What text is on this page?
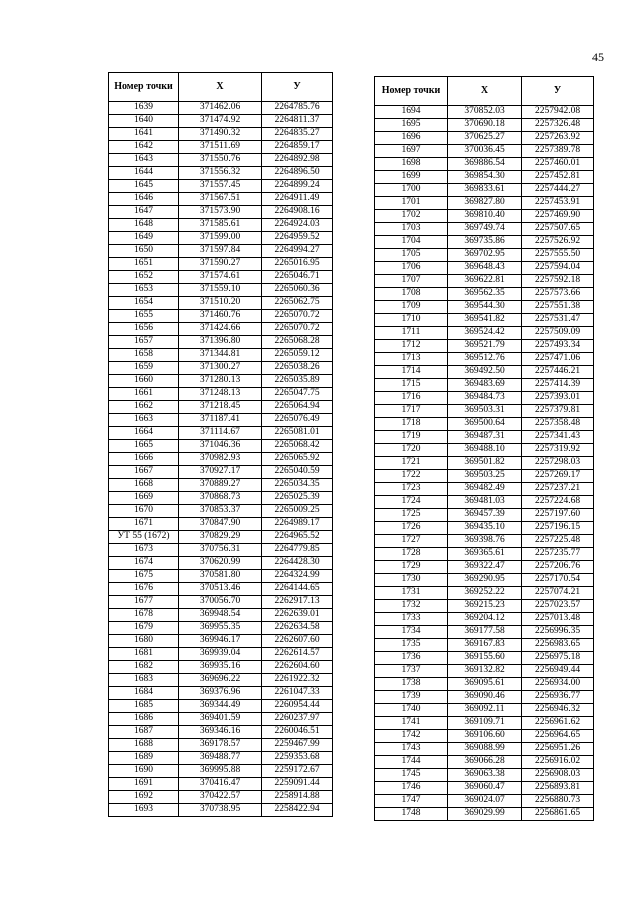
45
Номер точки	X	У
1639	371462.06	2264785.76
1640	371474.92	2264811.37
1641	371490.32	2264835.27
1642	371511.69	2264859.17
1643	371550.76	2264892.98
1644	371556.32	2264896.50
1645	371557.45	2264899.24
1646	371567.51	2264911.49
1647	371573.90	2264908.16
1648	371585.61	2264924.03
1649	371599.00	2264959.52
1650	371597.84	2264994.27
1651	371590.27	2265016.95
1652	371574.61	2265046.71
1653	371559.10	2265060.36
1654	371510.20	2265062.75
1655	371460.76	2265070.72
1656	371424.66	2265070.72
1657	371396.80	2265068.28
1658	371344.81	2265059.12
1659	371300.27	2265038.26
1660	371280.13	2265035.89
1661	371248.13	2265047.75
1662	371218.45	2265064.94
1663	371187.41	2265076.49
1664	371114.67	2265081.01
1665	371046.36	2265068.42
1666	370982.93	2265065.92
1667	370927.17	2265040.59
1668	370889.27	2265034.35
1669	370868.73	2265025.39
1670	370853.37	2265009.25
1671	370847.90	2264989.17
УТ 55 (1672)	370829.29	2264965.52
1673	370756.31	2264779.85
1674	370620.99	2264428.30
1675	370581.80	2264324.99
1676	370513.46	2264144.65
1677	370056.70	2262917.13
1678	369948.54	2262639.01
1679	369955.35	2262634.58
1680	369946.17	2262607.60
1681	369939.04	2262614.57
1682	369935.16	2262604.60
1683	369696.22	2261922.32
1684	369376.96	2261047.33
1685	369344.49	2260954.44
1686	369401.59	2260237.97
1687	369346.16	2260046.51
1688	369178.57	2259467.99
1689	369488.77	2259353.68
1690	369995.88	2259172.67
1691	370416.47	2259091.44
1692	370422.57	2258914.88
1693	370738.95	2258422.94
Номер точки	X	У
1694	370852.03	2257942.08
1695	370690.18	2257326.48
1696	370625.27	2257263.92
1697	370036.45	2257389.78
1698	369886.54	2257460.01
1699	369854.30	2257452.81
1700	369833.61	2257444.27
1701	369827.80	2257453.91
1702	369810.40	2257469.90
1703	369749.74	2257507.65
1704	369735.86	2257526.92
1705	369702.95	2257555.50
1706	369648.43	2257594.04
1707	369622.81	2257592.18
1708	369562.35	2257573.66
1709	369544.30	2257551.38
1710	369541.82	2257531.47
1711	369524.42	2257509.09
1712	369521.79	2257493.34
1713	369512.76	2257471.06
1714	369492.50	2257446.21
1715	369483.69	2257414.39
1716	369484.73	2257393.01
1717	369503.31	2257379.81
1718	369500.64	2257358.48
1719	369487.31	2257341.43
1720	369488.10	2257319.92
1721	369501.82	2257298.03
1722	369503.25	2257269.17
1723	369482.49	2257237.21
1724	369481.03	2257224.68
1725	369457.39	2257197.60
1726	369435.10	2257196.15
1727	369398.76	2257225.48
1728	369365.61	2257235.77
1729	369322.47	2257206.76
1730	369290.95	2257170.54
1731	369252.22	2257074.21
1732	369215.23	2257023.57
1733	369204.12	2257013.48
1734	369177.58	2256996.35
1735	369167.83	2256983.65
1736	369155.60	2256975.18
1737	369132.82	2256949.44
1738	369095.61	2256934.00
1739	369090.46	2256936.77
1740	369092.11	2256946.32
1741	369109.71	2256961.62
1742	369106.60	2256964.65
1743	369088.99	2256951.26
1744	369066.28	2256916.02
1745	369063.38	2256908.03
1746	369060.47	2256893.81
1747	369024.07	2256880.73
1748	369029.99	2256861.65
